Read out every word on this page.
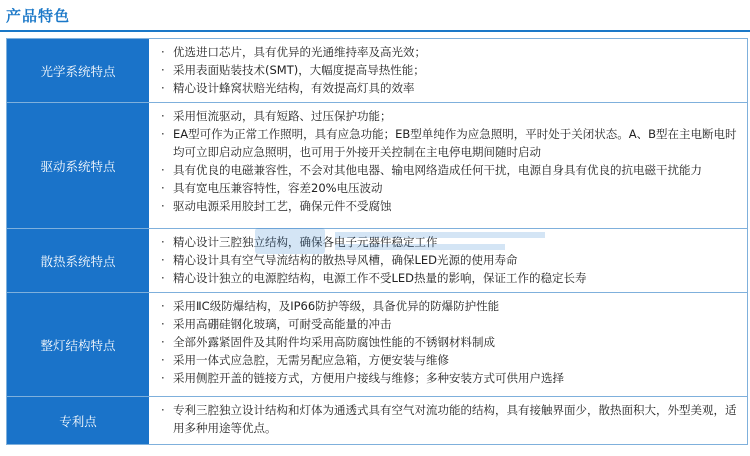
产品特色
光学系统特点
· 优选进口芯片，具有优异的光通维持率及高光效；
· 采用表面贴装技术(SMT)，大幅度提高导热性能；
· 精心设计蜂窝状赔光结构，有效提高灯具的效率
驱动系统特点
· 采用恒流驱动，具有短路、过压保护功能；
· EA型可作为正常工作照明，具有应急功能；EB型单纯作为应急照明，平时处于关闭状态。A、B型在主电断电时均可立即启动应急照明，也可用于外接开关控制在主电停电期间随时启动
· 具有优良的电磁兼容性，不会对其他电器、输电网络造成任何干扰，电源自身具有优良的抗电磁干扰能力
· 具有宽电压兼容特性，容差20%电压波动
· 驱动电源采用胶封工艺，确保元件不受腐蚀
散热系统特点
· 精心设计三腔独立结构，确保各电子元器件稳定工作
· 精心设计具有空气导流结构的散热导风槽，确保LED光源的使用寿命
· 精心设计独立的电源腔结构，电源工作不受LED热量的影响，保证工作的稳定长寿
整灯结构特点
· 采用ⅡC级防爆结构，及IP66防护等级，具备优异的防爆防护性能
· 采用高硼硅钢化玻璃，可耐受高能量的冲击
· 全部外露紧固件及其附件均采用高防腐蚀性能的不锈钢材料制成
· 采用一体式应急腔，无需另配应急箱，方便安装与维修
· 采用侧腔开盖的链接方式，方便用户接线与维修；多种安装方式可供用户选择
专利点
· 专利三腔独立设计结构和灯体为通透式具有空气对流功能的结构，具有接触界面少，散热面积大，外型美观，适用多种用途等优点。
